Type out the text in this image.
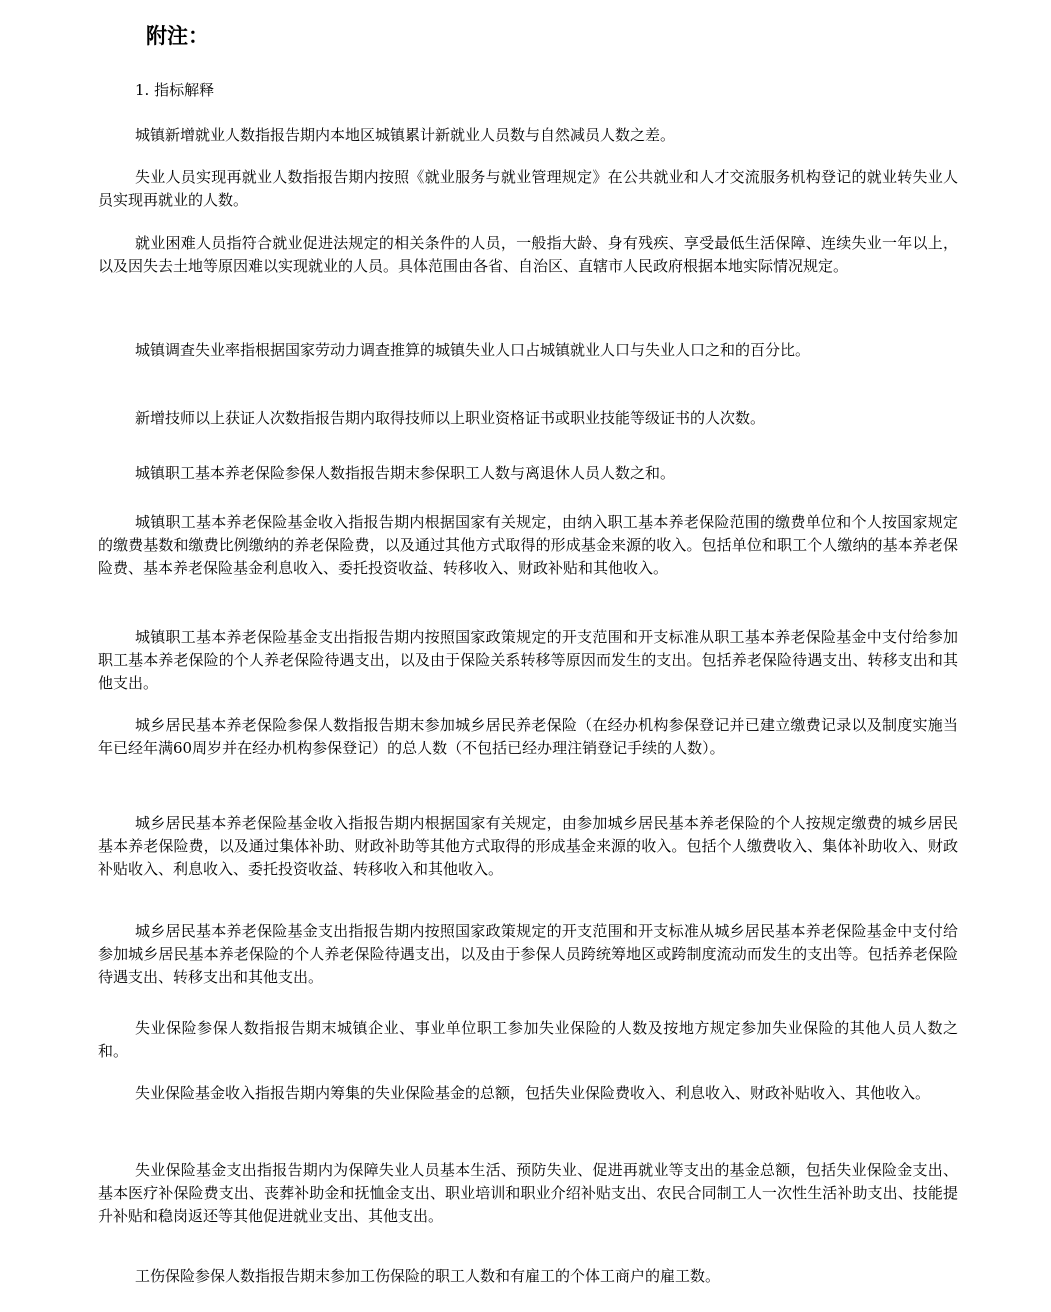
附注：

1. 指标解释

城镇新增就业人数指报告期内本地区城镇累计新就业人员数与自然减员人数之差。

失业人员实现再就业人数指报告期内按照《就业服务与就业管理规定》在公共就业和人才交流服务机构登记的就业转失业人员实现再就业的人数。

就业困难人员指符合就业促进法规定的相关条件的人员，一般指大龄、身有残疾、享受最低生活保障、连续失业一年以上，以及因失去土地等原因难以实现就业的人员。具体范围由各省、自治区、直辖市人民政府根据本地实际情况规定。

城镇调查失业率指根据国家劳动力调查推算的城镇失业人口占城镇就业人口与失业人口之和的百分比。

新增技师以上获证人次数指报告期内取得技师以上职业资格证书或职业技能等级证书的人次数。

城镇职工基本养老保险参保人数指报告期末参保职工人数与离退休人员人数之和。

城镇职工基本养老保险基金收入指报告期内根据国家有关规定，由纳入职工基本养老保险范围的缴费单位和个人按国家规定的缴费基数和缴费比例缴纳的养老保险费，以及通过其他方式取得的形成基金来源的收入。包括单位和职工个人缴纳的基本养老保险费、基本养老保险基金利息收入、委托投资收益、转移收入、财政补贴和其他收入。

城镇职工基本养老保险基金支出指报告期内按照国家政策规定的开支范围和开支标准从职工基本养老保险基金中支付给参加职工基本养老保险的个人养老保险待遇支出，以及由于保险关系转移等原因而发生的支出。包括养老保险待遇支出、转移支出和其他支出。

城乡居民基本养老保险参保人数指报告期末参加城乡居民养老保险（在经办机构参保登记并已建立缴费记录以及制度实施当年已经年满60周岁并在经办机构参保登记）的总人数（不包括已经办理注销登记手续的人数）。

城乡居民基本养老保险基金收入指报告期内根据国家有关规定，由参加城乡居民基本养老保险的个人按规定缴费的城乡居民基本养老保险费，以及通过集体补助、财政补助等其他方式取得的形成基金来源的收入。包括个人缴费收入、集体补助收入、财政补贴收入、利息收入、委托投资收益、转移收入和其他收入。

城乡居民基本养老保险基金支出指报告期内按照国家政策规定的开支范围和开支标准从城乡居民基本养老保险基金中支付给参加城乡居民基本养老保险的个人养老保险待遇支出，以及由于参保人员跨统筹地区或跨制度流动而发生的支出等。包括养老保险待遇支出、转移支出和其他支出。

失业保险参保人数指报告期末城镇企业、事业单位职工参加失业保险的人数及按地方规定参加失业保险的其他人员人数之和。

失业保险基金收入指报告期内筹集的失业保险基金的总额，包括失业保险费收入、利息收入、财政补贴收入、其他收入。

失业保险基金支出指报告期内为保障失业人员基本生活、预防失业、促进再就业等支出的基金总额，包括失业保险金支出、基本医疗补保险费支出、丧葬补助金和抚恤金支出、职业培训和职业介绍补贴支出、农民合同制工人一次性生活补助支出、技能提升补贴和稳岗返还等其他促进就业支出、其他支出。

工伤保险参保人数指报告期末参加工伤保险的职工人数和有雇工的个体工商户的雇工数。
